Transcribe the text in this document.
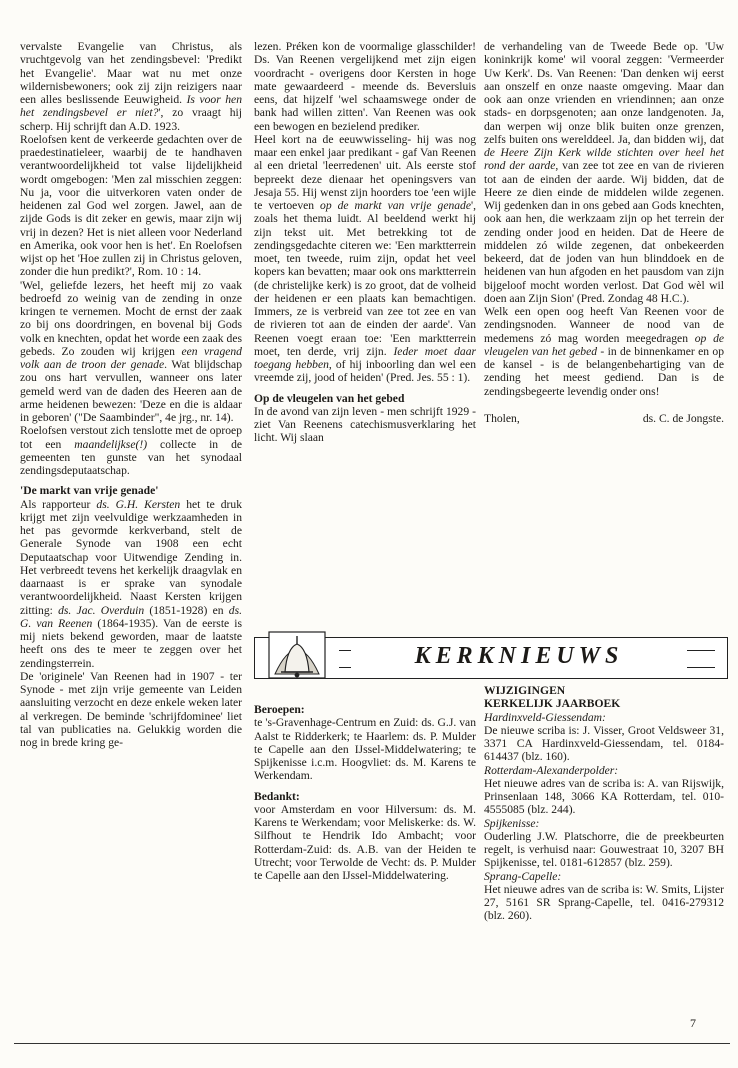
vervalste Evangelie van Christus, als vruchtgevolg van het zendingsbevel: 'Predikt het Evangelie'. Maar wat nu met onze wildernisbewoners; ook zij zijn reizigers naar een alles beslissende Eeuwigheid. Is voor hen het zendingsbevel er niet?', zo vraagt hij scherp. Hij schrijft dan A.D. 1923.

Roelofsen kent de verkeerde gedachten over de praedestinatieleer, waarbij de te handhaven verantwoordelijkheid tot valse lijdelijkheid wordt omgebogen: 'Men zal misschien zeggen: Nu ja, voor die uitverkoren vaten onder de heidenen zal God wel zorgen. Jawel, aan de zijde Gods is dit zeker en gewis, maar zijn wij vrij in dezen? Het is niet alleen voor Nederland en Amerika, ook voor hen is het'. En Roelofsen wijst op het 'Hoe zullen zij in Christus geloven, zonder die hun predikt?', Rom. 10 : 14.

'Wel, geliefde lezers, het heeft mij zo vaak bedroefd zo weinig van de zending in onze kringen te vernemen. Mocht de ernst der zaak zo bij ons doordringen, en bovenal bij Gods volk en knechten, opdat het worde een zaak des gebeds. Zo zouden wij krijgen een vragend volk aan de troon der genade. Wat blijdschap zou ons hart vervullen, wanneer ons later gemeld werd van de daden des Heeren aan de arme heidenen bewezen: 'Deze en die is aldaar in geboren' ("De Saambinder", 4e jrg., nr. 14).

Roelofsen verstout zich tenslotte met de oproep tot een maandelijkse(!) collecte in de gemeenten ten gunste van het synodaal zendingsdeputaatschap.

'De markt van vrije genade'

Als rapporteur ds. G.H. Kersten het te druk krijgt met zijn veelvuldige werkzaamheden in het pas gevormde kerkverband, stelt de Generale Synode van 1908 een echt Deputaatschap voor Uitwendige Zending in. Het verbreedt tevens het kerkelijk draagvlak en daarnaast is er sprake van synodale verantwoordelijkheid. Naast Kersten krijgen zitting: ds. Jac. Overduin (1851-1928) en ds. G. van Reenen (1864-1935). Van de eerste is mij niets bekend geworden, maar de laatste heeft ons des te meer te zeggen over het zendingsterrein.

De 'originele' Van Reenen had in 1907 - ter Synode - met zijn vrije gemeente van Leiden aansluiting verzocht en deze enkele weken later al verkregen. De beminde 'schrijfdominee' liet tal van publicaties na. Gelukkig worden die nog in brede kring ge-

lezen. Préken kon de voormalige glasschilder! Ds. Van Reenen vergelijkend met zijn eigen voordracht - overigens door Kersten in hoge mate gewaardeerd - meende ds. Beversluis eens, dat hijzelf 'wel schaamswege onder de bank had willen zitten'. Van Reenen was ook een bewogen en bezielend prediker.

Heel kort na de eeuwwisseling- hij was nog maar een enkel jaar predikant - gaf Van Reenen al een drietal 'leerredenen' uit. Als eerste stof bepreekt deze dienaar het openingsvers van Jesaja 55. Hij wenst zijn hoorders toe 'een wijle te vertoeven op de markt van vrije genade', zoals het thema luidt. Al beeldend werkt hij zijn tekst uit. Met betrekking tot de zendingsgedachte citeren we: 'Een marktterrein moet, ten tweede, ruim zijn, opdat het veel kopers kan bevatten; maar ook ons marktterrein (de christelijke kerk) is zo groot, dat de volheid der heidenen er een plaats kan bemachtigen. Immers, ze is verbreid van zee tot zee en van de rivieren tot aan de einden der aarde'. Van Reenen voegt eraan toe: 'Een marktterrein moet, ten derde, vrij zijn. Ieder moet daar toegang hebben, of hij inboorling dan wel een vreemde zij, jood of heiden' (Pred. Jes. 55 : 1).

Op de vleugelen van het gebed

In de avond van zijn leven - men schrijft 1929 - ziet Van Reenens catechismusverklaring het licht. Wij slaan

de verhandeling van de Tweede Bede op. 'Uw koninkrijk kome' wil vooral zeggen: 'Vermeerder Uw Kerk'. Ds. Van Reenen: 'Dan denken wij eerst aan onszelf en onze naaste omgeving. Maar dan ook aan onze vrienden en vriendinnen; aan onze stads- en dorpsgenoten; aan onze landgenoten. Ja, dan werpen wij onze blik buiten onze grenzen, zelfs buiten ons werelddeel. Ja, dan bidden wij, dat de Heere Zijn Kerk wilde stichten over heel het rond der aarde, van zee tot zee en van de rivieren tot aan de einden der aarde. Wij bidden, dat de Heere ze dien einde de middelen wilde zegenen. Wij gedenken dan in ons gebed aan Gods knechten, ook aan hen, die werkzaam zijn op het terrein der zending onder jood en heiden. Dat de Heere de middelen zó wilde zegenen, dat onbekeerden bekeerd, dat de joden van hun blinddoek en de heidenen van hun afgoden en het pausdom van zijn bijgeloof mocht worden verlost. Dat God wèl wil doen aan Zijn Sion' (Pred. Zondag 48 H.C.).

Welk een open oog heeft Van Reenen voor de zendingsnoden. Wanneer de nood van de medemens zó mag worden meegedragen op de vleugelen van het gebed - in de binnenkamer en op de kansel - is de belangenbehartiging van de zending het meest gediend. Dan is de zendingsbegeerte levendig onder ons!

Tholen,	ds. C. de Jongste.
KERKNIEUWS
Beroepen:

te 's-Gravenhage-Centrum en Zuid: ds. G.J. van Aalst te Ridderkerk; te Haarlem: ds. P. Mulder te Capelle aan den IJssel-Middelwatering; te Spijkenisse i.c.m. Hoogvliet: ds. M. Karens te Werkendam.

Bedankt:

voor Amsterdam en voor Hilversum: ds. M. Karens te Werkendam; voor Meliskerke: ds. W. Silfhout te Hendrik Ido Ambacht; voor Rotterdam-Zuid: ds. A.B. van der Heiden te Utrecht; voor Terwolde de Vecht: ds. P. Mulder te Capelle aan den IJssel-Middelwatering.

WIJZIGINGEN
KERKELIJK JAARBOEK

Hardinxveld-Giessendam:

De nieuwe scriba is: J. Visser, Groot Veldsweer 31, 3371 CA Hardinxveld-Giessendam, tel. 0184-614437 (blz. 160).

Rotterdam-Alexanderpolder:

Het nieuwe adres van de scriba is: A. van Rijswijk, Prinsenlaan 148, 3066 KA Rotterdam, tel. 010-4555085 (blz. 244).

Spijkenisse:

Ouderling J.W. Platschorre, die de preekbeurten regelt, is verhuisd naar: Gouwestraat 10, 3207 BH Spijkenisse, tel. 0181-612857 (blz. 259).

Sprang-Capelle:

Het nieuwe adres van de scriba is: W. Smits, Lijster 27, 5161 SR Sprang-Capelle, tel. 0416-279312 (blz. 260).

7
